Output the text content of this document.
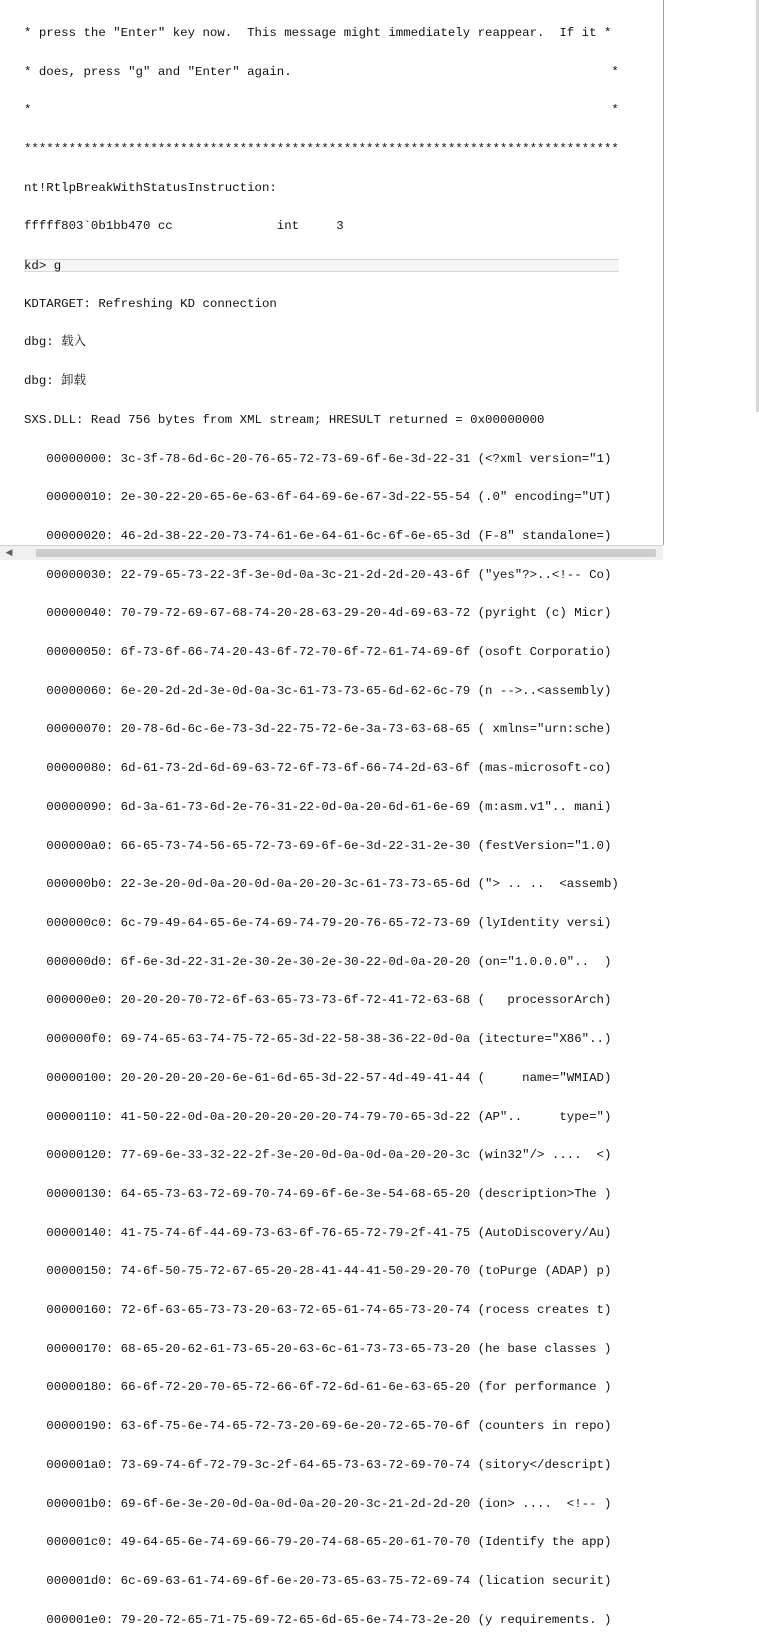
* press the "Enter" key now.  This message might immediately reappear.  If it *

* does, press "g" and "Enter" again.                                           *

*                                                                              *

********************************************************************************

nt!RtlpBreakWithStatusInstruction:

fffff803`0b1bb470 cc              int     3

kd> g

KDTARGET: Refreshing KD connection

dbg: 载入

dbg: 卸载

SXS.DLL: Read 756 bytes from XML stream; HRESULT returned = 0x00000000

00000000: 3c-3f-78-6d-6c-20-76-65-72-73-69-6f-6e-3d-22-31 (<?xml version="1)

00000010: 2e-30-22-20-65-6e-63-6f-64-69-6e-67-3d-22-55-54 (.0" encoding="UT)

00000020: 46-2d-38-22-20-73-74-61-6e-64-61-6c-6f-6e-65-3d (F-8" standalone=)

00000030: 22-79-65-73-22-3f-3e-0d-0a-3c-21-2d-2d-20-43-6f ("yes"?>..<!-- Co)

00000040: 70-79-72-69-67-68-74-20-28-63-29-20-4d-69-63-72 (pyright (c) Micr)

00000050: 6f-73-6f-66-74-20-43-6f-72-70-6f-72-61-74-69-6f (osoft Corporatio)

00000060: 6e-20-2d-2d-3e-0d-0a-3c-61-73-73-65-6d-62-6c-79 (n -->..<assembly)

00000070: 20-78-6d-6c-6e-73-3d-22-75-72-6e-3a-73-63-68-65 ( xmlns="urn:sche)

00000080: 6d-61-73-2d-6d-69-63-72-6f-73-6f-66-74-2d-63-6f (mas-microsoft-co)

00000090: 6d-3a-61-73-6d-2e-76-31-22-0d-0a-20-6d-61-6e-69 (m:asm.v1".. mani)

000000a0: 66-65-73-74-56-65-72-73-69-6f-6e-3d-22-31-2e-30 (festVersion="1.0)

000000b0: 22-3e-20-0d-0a-20-0d-0a-20-20-3c-61-73-73-65-6d ("> .. ..  <assemb)

000000c0: 6c-79-49-64-65-6e-74-69-74-79-20-76-65-72-73-69 (lyIdentity versi)

000000d0: 6f-6e-3d-22-31-2e-30-2e-30-2e-30-22-0d-0a-20-20 (on="1.0.0.0"..  )

000000e0: 20-20-20-70-72-6f-63-65-73-73-6f-72-41-72-63-68 (   processorArch)

000000f0: 69-74-65-63-74-75-72-65-3d-22-58-38-36-22-0d-0a (itecture="X86"..)

00000100: 20-20-20-20-20-6e-61-6d-65-3d-22-57-4d-49-41-44 (     name="WMIAD)

00000110: 41-50-22-0d-0a-20-20-20-20-20-74-79-70-65-3d-22 (AP"..     type=")

00000120: 77-69-6e-33-32-22-2f-3e-20-0d-0a-0d-0a-20-20-3c (win32"/> ....  <)

00000130: 64-65-73-63-72-69-70-74-69-6f-6e-3e-54-68-65-20 (description>The )

00000140: 41-75-74-6f-44-69-73-63-6f-76-65-72-79-2f-41-75 (AutoDiscovery/Au)

00000150: 74-6f-50-75-72-67-65-20-28-41-44-41-50-29-20-70 (toPurge (ADAP) p)

00000160: 72-6f-63-65-73-73-20-63-72-65-61-74-65-73-20-74 (rocess creates t)

00000170: 68-65-20-62-61-73-65-20-63-6c-61-73-73-65-73-20 (he base classes )

00000180: 66-6f-72-20-70-65-72-66-6f-72-6d-61-6e-63-65-20 (for performance )

00000190: 63-6f-75-6e-74-65-72-73-20-69-6e-20-72-65-70-6f (counters in repo)

000001a0: 73-69-74-6f-72-79-3c-2f-64-65-73-63-72-69-70-74 (sitory</descript)

000001b0: 69-6f-6e-3e-20-0d-0a-0d-0a-20-20-3c-21-2d-2d-20 (ion> ....  <!-- )

000001c0: 49-64-65-6e-74-69-66-79-20-74-68-65-20-61-70-70 (Identify the app)

000001d0: 6c-69-63-61-74-69-6f-6e-20-73-65-63-75-72-69-74 (lication securit)

000001e0: 79-20-72-65-71-75-69-72-65-6d-65-6e-74-73-2e-20 (y requirements. )

◀
